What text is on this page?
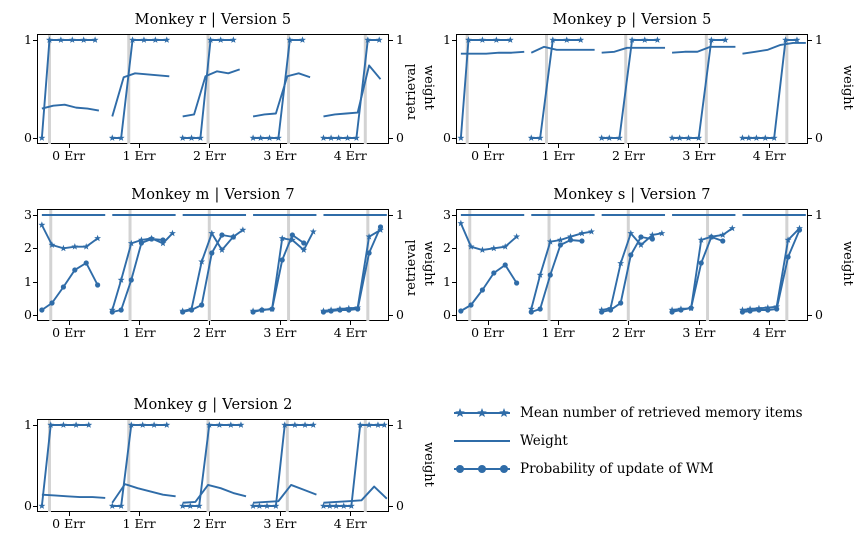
Monkey r | Version 5
0
1
0
1
0 Err	1 Err	2 Err	3 Err	4 Err
weight
Monkey p | Version 5
0
1
0
1
0 Err	1 Err	2 Err	3 Err	4 Err
retrieval	weight
Monkey m | Version 7
0
1
2
3
0
1
0 Err	1 Err	2 Err	3 Err	4 Err
weight
Monkey s | Version 7
0
1
2
3
0
1
0 Err	1 Err	2 Err	3 Err	4 Err
retrieval	weight
Monkey g | Version 2
0
1
0
1
0 Err	1 Err	2 Err	3 Err	4 Err
weight
Mean number of retrieved memory items
Weight
Probability of update of WM
